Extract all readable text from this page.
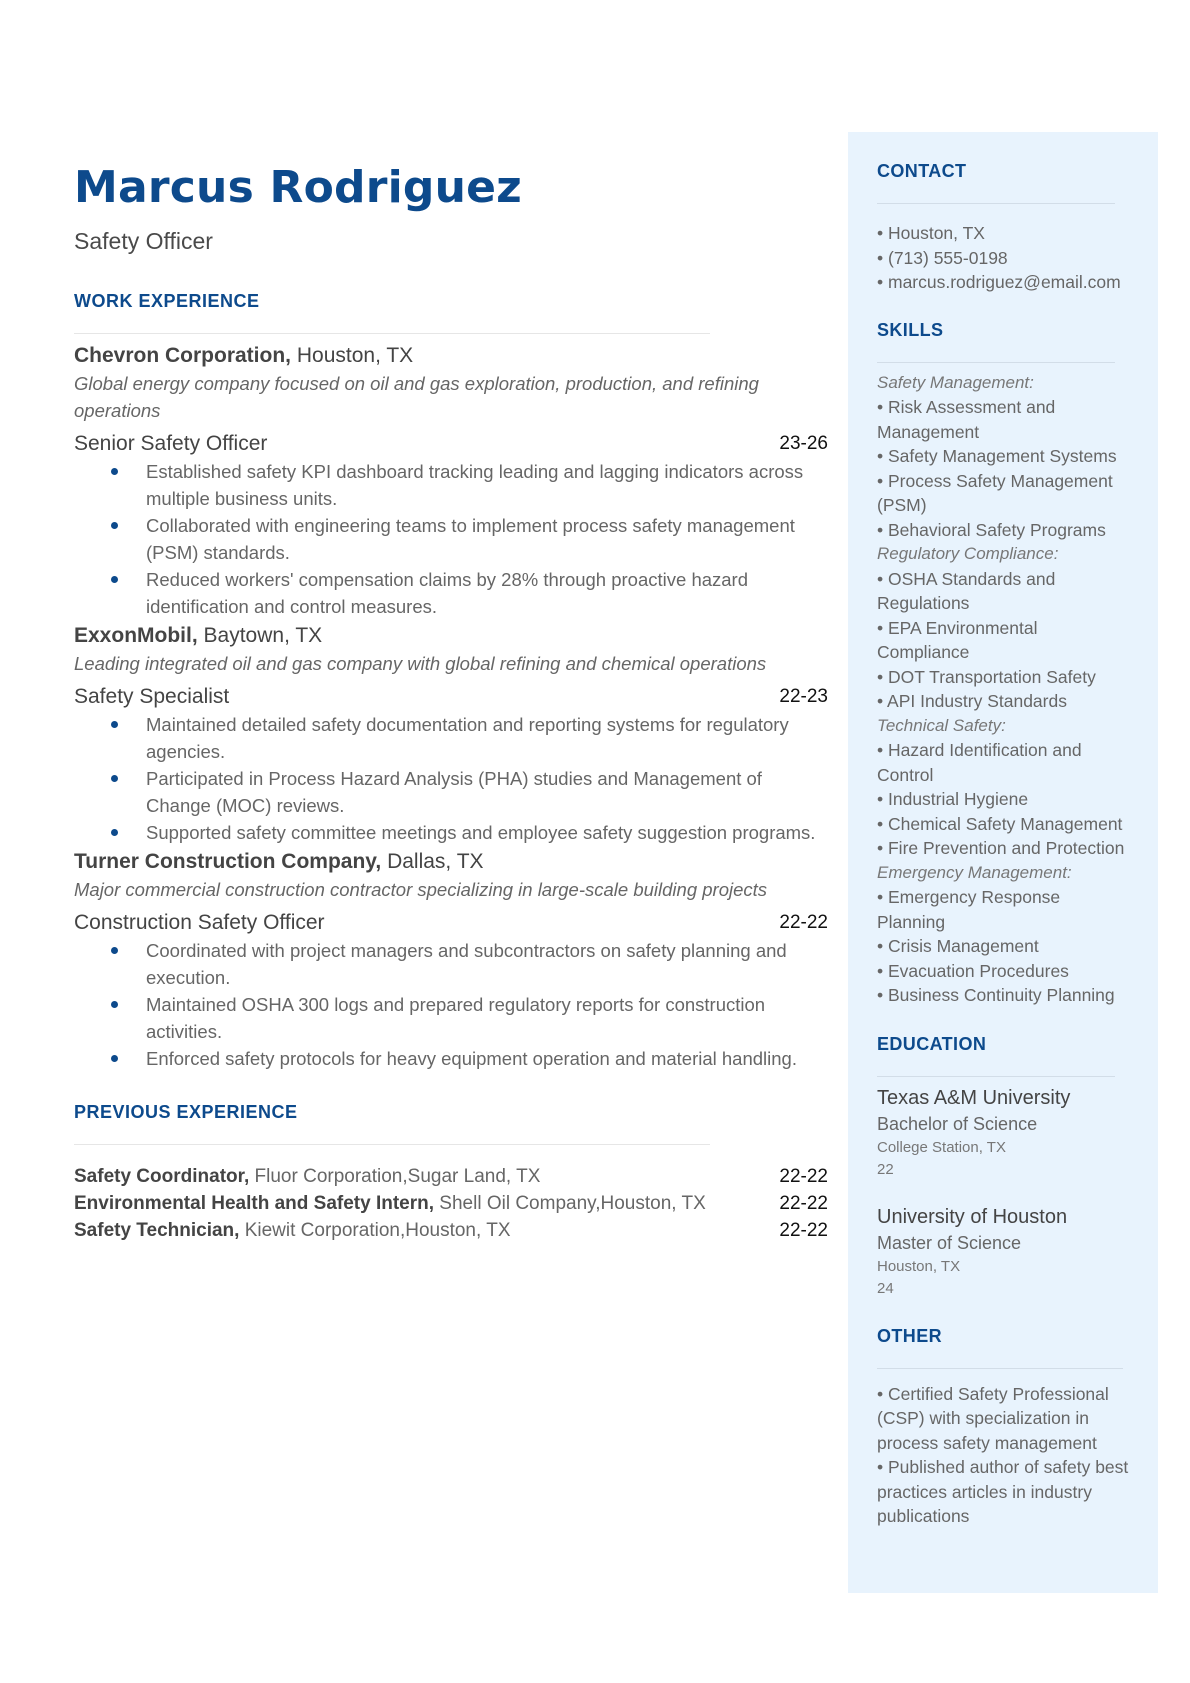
Marcus Rodriguez
Safety Officer
WORK EXPERIENCE
Chevron Corporation, Houston, TX
Global energy company focused on oil and gas exploration, production, and refining operations
Senior Safety Officer	23-26
Established safety KPI dashboard tracking leading and lagging indicators across multiple business units.
Collaborated with engineering teams to implement process safety management (PSM) standards.
Reduced workers' compensation claims by 28% through proactive hazard identification and control measures.
ExxonMobil, Baytown, TX
Leading integrated oil and gas company with global refining and chemical operations
Safety Specialist	22-23
Maintained detailed safety documentation and reporting systems for regulatory agencies.
Participated in Process Hazard Analysis (PHA) studies and Management of Change (MOC) reviews.
Supported safety committee meetings and employee safety suggestion programs.
Turner Construction Company, Dallas, TX
Major commercial construction contractor specializing in large-scale building projects
Construction Safety Officer	22-22
Coordinated with project managers and subcontractors on safety planning and execution.
Maintained OSHA 300 logs and prepared regulatory reports for construction activities.
Enforced safety protocols for heavy equipment operation and material handling.
PREVIOUS EXPERIENCE
Safety Coordinator, Fluor Corporation,Sugar Land, TX	22-22
Environmental Health and Safety Intern, Shell Oil Company,Houston, TX	22-22
Safety Technician, Kiewit Corporation,Houston, TX	22-22
CONTACT
• Houston, TX
• (713) 555-0198
• marcus.rodriguez@email.com
SKILLS
Safety Management:
• Risk Assessment and Management
• Safety Management Systems
• Process Safety Management (PSM)
• Behavioral Safety Programs
Regulatory Compliance:
• OSHA Standards and Regulations
• EPA Environmental Compliance
• DOT Transportation Safety
• API Industry Standards
Technical Safety:
• Hazard Identification and Control
• Industrial Hygiene
• Chemical Safety Management
• Fire Prevention and Protection
Emergency Management:
• Emergency Response Planning
• Crisis Management
• Evacuation Procedures
• Business Continuity Planning
EDUCATION
Texas A&M University
Bachelor of Science
College Station, TX
22
University of Houston
Master of Science
Houston, TX
24
OTHER
• Certified Safety Professional (CSP) with specialization in process safety management
• Published author of safety best practices articles in industry publications
